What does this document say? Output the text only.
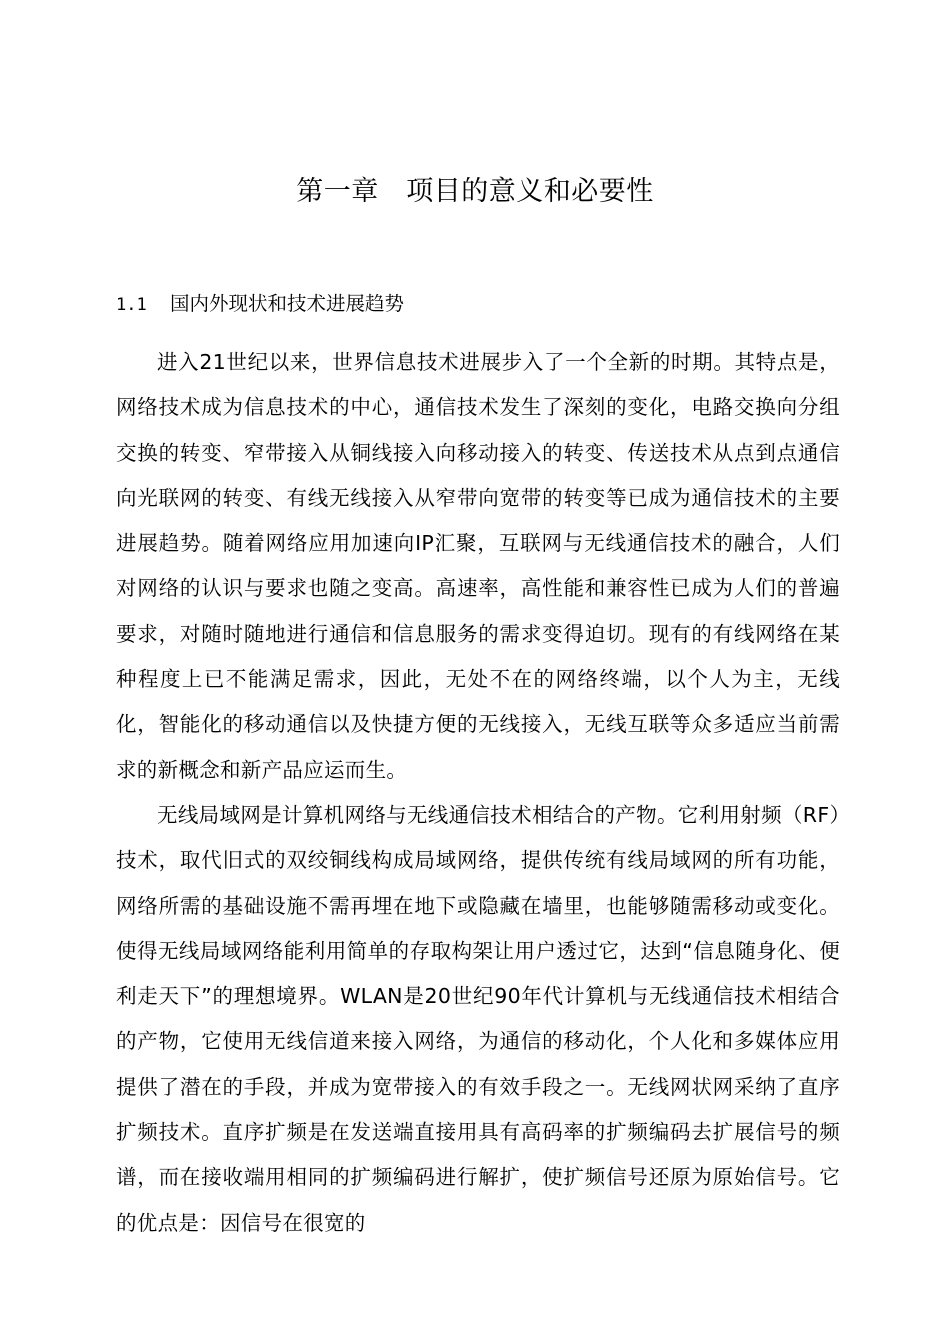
第一章　项目的意义和必要性
1.1 国内外现状和技术进展趋势

进入21世纪以来，世界信息技术进展步入了一个全新的时期。其特点是，网络技术成为信息技术的中心，通信技术发生了深刻的变化，电路交换向分组交换的转变、窄带接入从铜线接入向移动接入的转变、传送技术从点到点通信向光联网的转变、有线无线接入从窄带向宽带的转变等已成为通信技术的主要进展趋势。随着网络应用加速向IP汇聚，互联网与无线通信技术的融合，人们对网络的认识与要求也随之变高。高速率，高性能和兼容性已成为人们的普遍要求，对随时随地进行通信和信息服务的需求变得迫切。现有的有线网络在某种程度上已不能满足需求，因此，无处不在的网络终端，以个人为主，无线化，智能化的移动通信以及快捷方便的无线接入，无线互联等众多适应当前需求的新概念和新产品应运而生。

无线局域网是计算机网络与无线通信技术相结合的产物。它利用射频（RF）技术，取代旧式的双绞铜线构成局域网络，提供传统有线局域网的所有功能，网络所需的基础设施不需再埋在地下或隐藏在墙里，也能够随需移动或变化。使得无线局域网络能利用简单的存取构架让用户透过它，达到“信息随身化、便利走天下”的理想境界。WLAN是20世纪90年代计算机与无线通信技术相结合的产物，它使用无线信道来接入网络，为通信的移动化，个人化和多媒体应用提供了潜在的手段，并成为宽带接入的有效手段之一。无线网状网采纳了直序扩频技术。直序扩频是在发送端直接用具有高码率的扩频编码去扩展信号的频谱，而在接收端用相同的扩频编码进行解扩，使扩频信号还原为原始信号。它的优点是：因信号在很宽的
